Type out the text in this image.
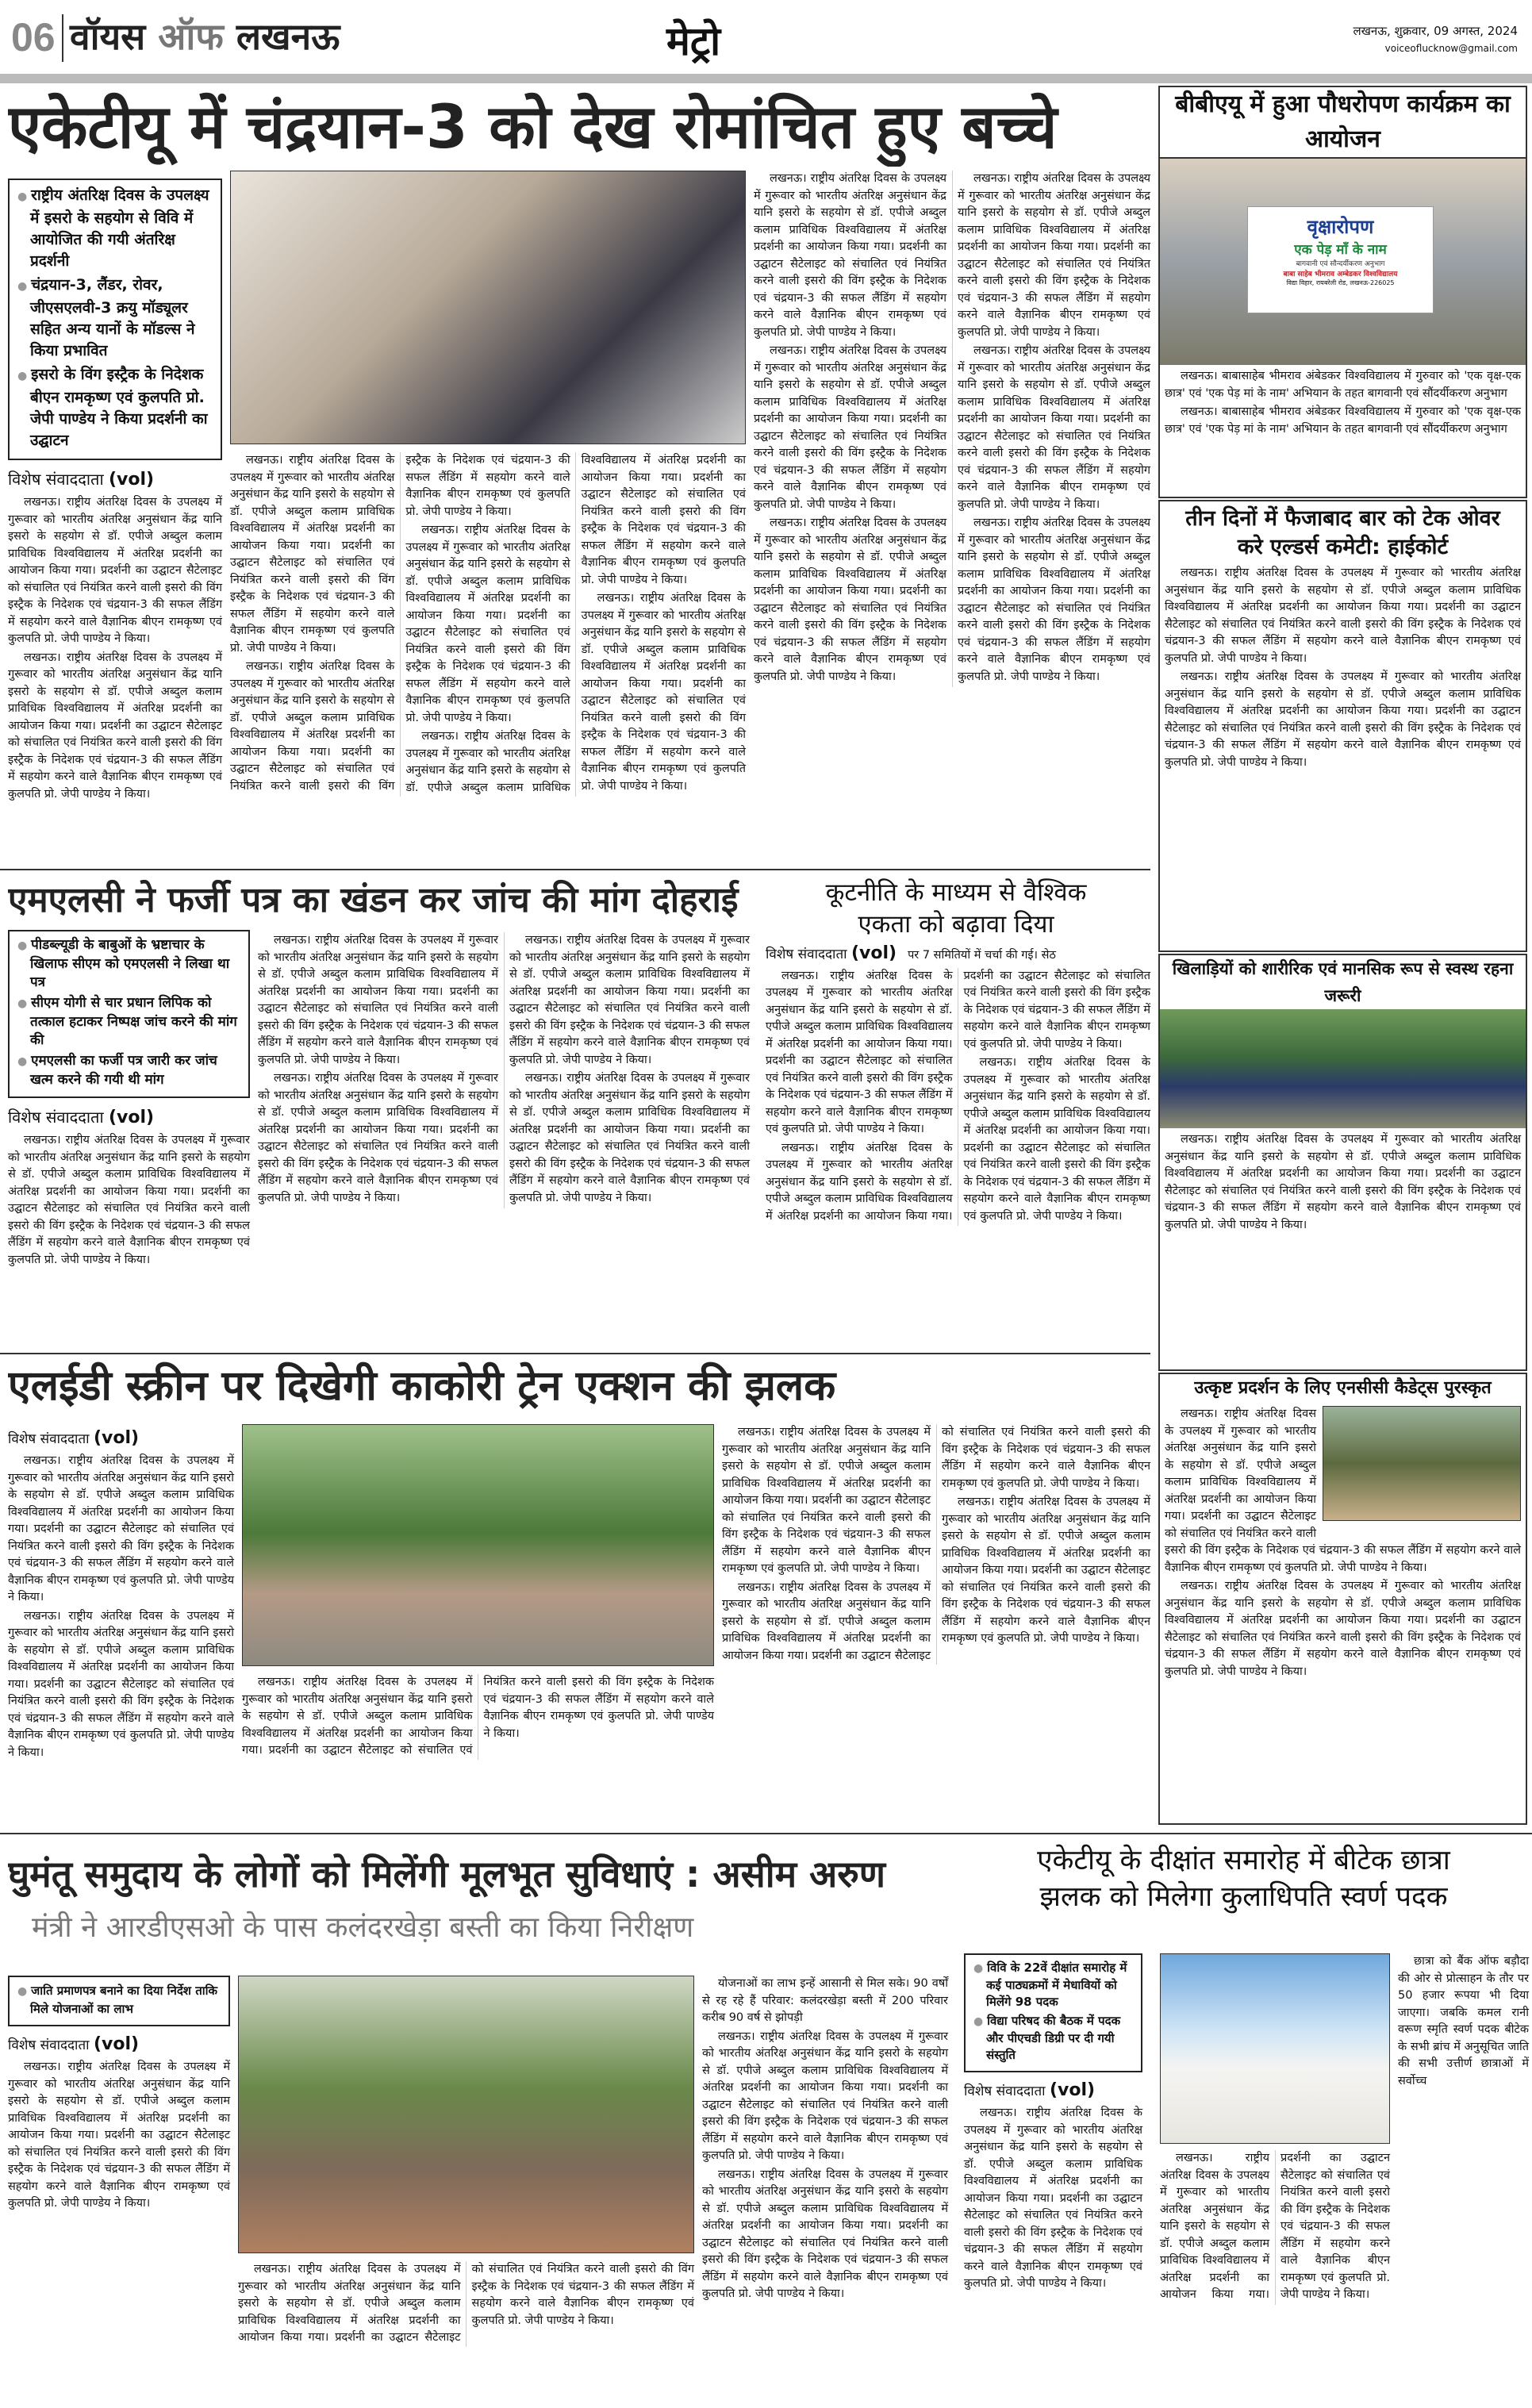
06 वॉयस ऑफ लखनऊ	मेट्रो	लखनऊ, शुक्रवार, 09 अगस्त, 2024
voiceoflucknow@gmail.com
एकेटीयू में चंद्रयान-3 को देख रोमांचित हुए बच्चे
● राष्ट्रीय अंतरिक्ष दिवस के उपलक्ष्य में इसरो के सहयोग से विवि में आयोजित की गयी अंतरिक्ष प्रदर्शनी
● चंद्रयान-3, लैंडर, रोवर, जीएसएलवी-3 क्रयु मॉड्यूलर सहित अन्य यानों के मॉडल्स ने किया प्रभावित
● इसरो के विंग इस्ट्रैक के निदेशक बीएन रामकृष्ण एवं कुलपति प्रो. जेपी पाण्डेय ने किया प्रदर्शनी का उद्घाटन
विशेष संवाददाता (vol)

लखनऊ। राष्ट्रीय अंतरिक्ष दिवस के उपलक्ष्य में गुरूवार को भारतीय अंतरिक्ष अनुसंधान केंद्र यानि इसरो के सहयोग से डॉ. एपीजे अब्दुल कलाम प्राविधिक विश्वविद्यालय में अंतरिक्ष प्रदर्शनी का आयोजन किया गया। प्रदर्शनी का उद्घाटन सैटेलाइट को संचालित एवं नियंत्रित करने वाली इसरो की विंग इस्ट्रैक के निदेशक एवं चंद्रयान-3 की सफल लैंडिंग में सहयोग करने वाले वैज्ञानिक बीएन रामकृष्ण एवं कुलपति प्रो. जेपी पाण्डेय ने किया।

लखनऊ। राष्ट्रीय अंतरिक्ष दिवस के उपलक्ष्य में गुरूवार को भारतीय अंतरिक्ष अनुसंधान केंद्र यानि इसरो के सहयोग से डॉ. एपीजे अब्दुल कलाम प्राविधिक विश्वविद्यालय में अंतरिक्ष प्रदर्शनी का आयोजन किया गया। प्रदर्शनी का उद्घाटन सैटेलाइट को संचालित एवं नियंत्रित करने वाली इसरो की विंग इस्ट्रैक के निदेशक एवं चंद्रयान-3 की सफल लैंडिंग में सहयोग करने वाले वैज्ञानिक बीएन रामकृष्ण एवं कुलपति प्रो. जेपी पाण्डेय ने किया।

लखनऊ। राष्ट्रीय अंतरिक्ष दिवस के उपलक्ष्य में गुरूवार को भारतीय अंतरिक्ष अनुसंधान केंद्र यानि इसरो के सहयोग से डॉ. एपीजे अब्दुल कलाम प्राविधिक विश्वविद्यालय में अंतरिक्ष प्रदर्शनी का आयोजन किया गया। प्रदर्शनी का उद्घाटन सैटेलाइट को संचालित एवं नियंत्रित करने वाली इसरो की विंग इस्ट्रैक के निदेशक एवं चंद्रयान-3 की सफल लैंडिंग में सहयोग करने वाले वैज्ञानिक बीएन रामकृष्ण एवं कुलपति प्रो. जेपी पाण्डेय ने किया।

लखनऊ। राष्ट्रीय अंतरिक्ष दिवस के उपलक्ष्य में गुरूवार को भारतीय अंतरिक्ष अनुसंधान केंद्र यानि इसरो के सहयोग से डॉ. एपीजे अब्दुल कलाम प्राविधिक विश्वविद्यालय में अंतरिक्ष प्रदर्शनी का आयोजन किया गया। प्रदर्शनी का उद्घाटन सैटेलाइट को संचालित एवं नियंत्रित करने वाली इसरो की विंग इस्ट्रैक के निदेशक एवं चंद्रयान-3 की सफल लैंडिंग में सहयोग करने वाले वैज्ञानिक बीएन रामकृष्ण एवं कुलपति प्रो. जेपी पाण्डेय ने किया।

लखनऊ। राष्ट्रीय अंतरिक्ष दिवस के उपलक्ष्य में गुरूवार को भारतीय अंतरिक्ष अनुसंधान केंद्र यानि इसरो के सहयोग से डॉ. एपीजे अब्दुल कलाम प्राविधिक विश्वविद्यालय में अंतरिक्ष प्रदर्शनी का आयोजन किया गया। प्रदर्शनी का उद्घाटन सैटेलाइट को संचालित एवं नियंत्रित करने वाली इसरो की विंग इस्ट्रैक के निदेशक एवं चंद्रयान-3 की सफल लैंडिंग में सहयोग करने वाले वैज्ञानिक बीएन रामकृष्ण एवं कुलपति प्रो. जेपी पाण्डेय ने किया।

लखनऊ। राष्ट्रीय अंतरिक्ष दिवस के उपलक्ष्य में गुरूवार को भारतीय अंतरिक्ष अनुसंधान केंद्र यानि इसरो के सहयोग से डॉ. एपीजे अब्दुल कलाम प्राविधिक विश्वविद्यालय में अंतरिक्ष प्रदर्शनी का आयोजन किया गया। प्रदर्शनी का उद्घाटन सैटेलाइट को संचालित एवं नियंत्रित करने वाली इसरो की विंग इस्ट्रैक के निदेशक एवं चंद्रयान-3 की सफल लैंडिंग में सहयोग करने वाले वैज्ञानिक बीएन रामकृष्ण एवं कुलपति प्रो. जेपी पाण्डेय ने किया।

लखनऊ। राष्ट्रीय अंतरिक्ष दिवस के उपलक्ष्य में गुरूवार को भारतीय अंतरिक्ष अनुसंधान केंद्र यानि इसरो के सहयोग से डॉ. एपीजे अब्दुल कलाम प्राविधिक विश्वविद्यालय में अंतरिक्ष प्रदर्शनी का आयोजन किया गया। प्रदर्शनी का उद्घाटन सैटेलाइट को संचालित एवं नियंत्रित करने वाली इसरो की विंग इस्ट्रैक के निदेशक एवं चंद्रयान-3 की सफल लैंडिंग में सहयोग करने वाले वैज्ञानिक बीएन रामकृष्ण एवं कुलपति प्रो. जेपी पाण्डेय ने किया।

लखनऊ। राष्ट्रीय अंतरिक्ष दिवस के उपलक्ष्य में गुरूवार को भारतीय अंतरिक्ष अनुसंधान केंद्र यानि इसरो के सहयोग से डॉ. एपीजे अब्दुल कलाम प्राविधिक विश्वविद्यालय में अंतरिक्ष प्रदर्शनी का आयोजन किया गया। प्रदर्शनी का उद्घाटन सैटेलाइट को संचालित एवं नियंत्रित करने वाली इसरो की विंग इस्ट्रैक के निदेशक एवं चंद्रयान-3 की सफल लैंडिंग में सहयोग करने वाले वैज्ञानिक बीएन रामकृष्ण एवं कुलपति प्रो. जेपी पाण्डेय ने किया।

लखनऊ। राष्ट्रीय अंतरिक्ष दिवस के उपलक्ष्य में गुरूवार को भारतीय अंतरिक्ष अनुसंधान केंद्र यानि इसरो के सहयोग से डॉ. एपीजे अब्दुल कलाम प्राविधिक विश्वविद्यालय में अंतरिक्ष प्रदर्शनी का आयोजन किया गया। प्रदर्शनी का उद्घाटन सैटेलाइट को संचालित एवं नियंत्रित करने वाली इसरो की विंग इस्ट्रैक के निदेशक एवं चंद्रयान-3 की सफल लैंडिंग में सहयोग करने वाले वैज्ञानिक बीएन रामकृष्ण एवं कुलपति प्रो. जेपी पाण्डेय ने किया।

लखनऊ। राष्ट्रीय अंतरिक्ष दिवस के उपलक्ष्य में गुरूवार को भारतीय अंतरिक्ष अनुसंधान केंद्र यानि इसरो के सहयोग से डॉ. एपीजे अब्दुल कलाम प्राविधिक विश्वविद्यालय में अंतरिक्ष प्रदर्शनी का आयोजन किया गया। प्रदर्शनी का उद्घाटन सैटेलाइट को संचालित एवं नियंत्रित करने वाली इसरो की विंग इस्ट्रैक के निदेशक एवं चंद्रयान-3 की सफल लैंडिंग में सहयोग करने वाले वैज्ञानिक बीएन रामकृष्ण एवं कुलपति प्रो. जेपी पाण्डेय ने किया।

लखनऊ। राष्ट्रीय अंतरिक्ष दिवस के उपलक्ष्य में गुरूवार को भारतीय अंतरिक्ष अनुसंधान केंद्र यानि इसरो के सहयोग से डॉ. एपीजे अब्दुल कलाम प्राविधिक विश्वविद्यालय में अंतरिक्ष प्रदर्शनी का आयोजन किया गया। प्रदर्शनी का उद्घाटन सैटेलाइट को संचालित एवं नियंत्रित करने वाली इसरो की विंग इस्ट्रैक के निदेशक एवं चंद्रयान-3 की सफल लैंडिंग में सहयोग करने वाले वैज्ञानिक बीएन रामकृष्ण एवं कुलपति प्रो. जेपी पाण्डेय ने किया।

लखनऊ। राष्ट्रीय अंतरिक्ष दिवस के उपलक्ष्य में गुरूवार को भारतीय अंतरिक्ष अनुसंधान केंद्र यानि इसरो के सहयोग से डॉ. एपीजे अब्दुल कलाम प्राविधिक विश्वविद्यालय में अंतरिक्ष प्रदर्शनी का आयोजन किया गया। प्रदर्शनी का उद्घाटन सैटेलाइट को संचालित एवं नियंत्रित करने वाली इसरो की विंग इस्ट्रैक के निदेशक एवं चंद्रयान-3 की सफल लैंडिंग में सहयोग करने वाले वैज्ञानिक बीएन रामकृष्ण एवं कुलपति प्रो. जेपी पाण्डेय ने किया।

लखनऊ। राष्ट्रीय अंतरिक्ष दिवस के उपलक्ष्य में गुरूवार को भारतीय अंतरिक्ष अनुसंधान केंद्र यानि इसरो के सहयोग से डॉ. एपीजे अब्दुल कलाम प्राविधिक विश्वविद्यालय में अंतरिक्ष प्रदर्शनी का आयोजन किया गया। प्रदर्शनी का उद्घाटन सैटेलाइट को संचालित एवं नियंत्रित करने वाली इसरो की विंग इस्ट्रैक के निदेशक एवं चंद्रयान-3 की सफल लैंडिंग में सहयोग करने वाले वैज्ञानिक बीएन रामकृष्ण एवं कुलपति प्रो. जेपी पाण्डेय ने किया।

बीबीएयू में हुआ पौधरोपण कार्यक्रम का आयोजन
वृक्षारोपण
एक पेड़ माँ के नाम
बागवानी एवं सौन्दर्यीकरण अनुभाग
बाबा साहेब भीमराव अम्बेडकर विश्वविद्यालय
विद्या विहार, रायबरेली रोड, लखनऊ-226025

लखनऊ। बाबासाहेब भीमराव अंबेडकर विश्वविद्यालय में गुरुवार को 'एक वृक्ष-एक छात्र' एवं 'एक पेड़ मां के नाम' अभियान के तहत बागवानी एवं सौंदर्यीकरण अनुभाग

लखनऊ। बाबासाहेब भीमराव अंबेडकर विश्वविद्यालय में गुरुवार को 'एक वृक्ष-एक छात्र' एवं 'एक पेड़ मां के नाम' अभियान के तहत बागवानी एवं सौंदर्यीकरण अनुभाग

तीन दिनों में फैजाबाद बार को टेक ओवर
करे एल्डर्स कमेटी: हाईकोर्ट

लखनऊ। राष्ट्रीय अंतरिक्ष दिवस के उपलक्ष्य में गुरूवार को भारतीय अंतरिक्ष अनुसंधान केंद्र यानि इसरो के सहयोग से डॉ. एपीजे अब्दुल कलाम प्राविधिक विश्वविद्यालय में अंतरिक्ष प्रदर्शनी का आयोजन किया गया। प्रदर्शनी का उद्घाटन सैटेलाइट को संचालित एवं नियंत्रित करने वाली इसरो की विंग इस्ट्रैक के निदेशक एवं चंद्रयान-3 की सफल लैंडिंग में सहयोग करने वाले वैज्ञानिक बीएन रामकृष्ण एवं कुलपति प्रो. जेपी पाण्डेय ने किया।

लखनऊ। राष्ट्रीय अंतरिक्ष दिवस के उपलक्ष्य में गुरूवार को भारतीय अंतरिक्ष अनुसंधान केंद्र यानि इसरो के सहयोग से डॉ. एपीजे अब्दुल कलाम प्राविधिक विश्वविद्यालय में अंतरिक्ष प्रदर्शनी का आयोजन किया गया। प्रदर्शनी का उद्घाटन सैटेलाइट को संचालित एवं नियंत्रित करने वाली इसरो की विंग इस्ट्रैक के निदेशक एवं चंद्रयान-3 की सफल लैंडिंग में सहयोग करने वाले वैज्ञानिक बीएन रामकृष्ण एवं कुलपति प्रो. जेपी पाण्डेय ने किया।

खिलाड़ियों को शारीरिक एवं मानसिक रूप से स्वस्थ रहना जरूरी

लखनऊ। राष्ट्रीय अंतरिक्ष दिवस के उपलक्ष्य में गुरूवार को भारतीय अंतरिक्ष अनुसंधान केंद्र यानि इसरो के सहयोग से डॉ. एपीजे अब्दुल कलाम प्राविधिक विश्वविद्यालय में अंतरिक्ष प्रदर्शनी का आयोजन किया गया। प्रदर्शनी का उद्घाटन सैटेलाइट को संचालित एवं नियंत्रित करने वाली इसरो की विंग इस्ट्रैक के निदेशक एवं चंद्रयान-3 की सफल लैंडिंग में सहयोग करने वाले वैज्ञानिक बीएन रामकृष्ण एवं कुलपति प्रो. जेपी पाण्डेय ने किया।

उत्कृष्ट प्रदर्शन के लिए एनसीसी कैडेट्स पुरस्कृत

लखनऊ। राष्ट्रीय अंतरिक्ष दिवस के उपलक्ष्य में गुरूवार को भारतीय अंतरिक्ष अनुसंधान केंद्र यानि इसरो के सहयोग से डॉ. एपीजे अब्दुल कलाम प्राविधिक विश्वविद्यालय में अंतरिक्ष प्रदर्शनी का आयोजन किया गया। प्रदर्शनी का उद्घाटन सैटेलाइट को संचालित एवं नियंत्रित करने वाली इसरो की विंग इस्ट्रैक के निदेशक एवं चंद्रयान-3 की सफल लैंडिंग में सहयोग करने वाले वैज्ञानिक बीएन रामकृष्ण एवं कुलपति प्रो. जेपी पाण्डेय ने किया।

लखनऊ। राष्ट्रीय अंतरिक्ष दिवस के उपलक्ष्य में गुरूवार को भारतीय अंतरिक्ष अनुसंधान केंद्र यानि इसरो के सहयोग से डॉ. एपीजे अब्दुल कलाम प्राविधिक विश्वविद्यालय में अंतरिक्ष प्रदर्शनी का आयोजन किया गया। प्रदर्शनी का उद्घाटन सैटेलाइट को संचालित एवं नियंत्रित करने वाली इसरो की विंग इस्ट्रैक के निदेशक एवं चंद्रयान-3 की सफल लैंडिंग में सहयोग करने वाले वैज्ञानिक बीएन रामकृष्ण एवं कुलपति प्रो. जेपी पाण्डेय ने किया।

एमएलसी ने फर्जी पत्र का खंडन कर जांच की मांग दोहराई
● पीडब्ल्यूडी के बाबुओं के भ्रष्टाचार के खिलाफ सीएम को एमएलसी ने लिखा था पत्र
● सीएम योगी से चार प्रधान लिपिक को तत्काल हटाकर निष्पक्ष जांच करने की मांग की
● एमएलसी का फर्जी पत्र जारी कर जांच खत्म करने की गयी थी मांग
विशेष संवाददाता (vol)

लखनऊ। राष्ट्रीय अंतरिक्ष दिवस के उपलक्ष्य में गुरूवार को भारतीय अंतरिक्ष अनुसंधान केंद्र यानि इसरो के सहयोग से डॉ. एपीजे अब्दुल कलाम प्राविधिक विश्वविद्यालय में अंतरिक्ष प्रदर्शनी का आयोजन किया गया। प्रदर्शनी का उद्घाटन सैटेलाइट को संचालित एवं नियंत्रित करने वाली इसरो की विंग इस्ट्रैक के निदेशक एवं चंद्रयान-3 की सफल लैंडिंग में सहयोग करने वाले वैज्ञानिक बीएन रामकृष्ण एवं कुलपति प्रो. जेपी पाण्डेय ने किया।

लखनऊ। राष्ट्रीय अंतरिक्ष दिवस के उपलक्ष्य में गुरूवार को भारतीय अंतरिक्ष अनुसंधान केंद्र यानि इसरो के सहयोग से डॉ. एपीजे अब्दुल कलाम प्राविधिक विश्वविद्यालय में अंतरिक्ष प्रदर्शनी का आयोजन किया गया। प्रदर्शनी का उद्घाटन सैटेलाइट को संचालित एवं नियंत्रित करने वाली इसरो की विंग इस्ट्रैक के निदेशक एवं चंद्रयान-3 की सफल लैंडिंग में सहयोग करने वाले वैज्ञानिक बीएन रामकृष्ण एवं कुलपति प्रो. जेपी पाण्डेय ने किया।

लखनऊ। राष्ट्रीय अंतरिक्ष दिवस के उपलक्ष्य में गुरूवार को भारतीय अंतरिक्ष अनुसंधान केंद्र यानि इसरो के सहयोग से डॉ. एपीजे अब्दुल कलाम प्राविधिक विश्वविद्यालय में अंतरिक्ष प्रदर्शनी का आयोजन किया गया। प्रदर्शनी का उद्घाटन सैटेलाइट को संचालित एवं नियंत्रित करने वाली इसरो की विंग इस्ट्रैक के निदेशक एवं चंद्रयान-3 की सफल लैंडिंग में सहयोग करने वाले वैज्ञानिक बीएन रामकृष्ण एवं कुलपति प्रो. जेपी पाण्डेय ने किया।

लखनऊ। राष्ट्रीय अंतरिक्ष दिवस के उपलक्ष्य में गुरूवार को भारतीय अंतरिक्ष अनुसंधान केंद्र यानि इसरो के सहयोग से डॉ. एपीजे अब्दुल कलाम प्राविधिक विश्वविद्यालय में अंतरिक्ष प्रदर्शनी का आयोजन किया गया। प्रदर्शनी का उद्घाटन सैटेलाइट को संचालित एवं नियंत्रित करने वाली इसरो की विंग इस्ट्रैक के निदेशक एवं चंद्रयान-3 की सफल लैंडिंग में सहयोग करने वाले वैज्ञानिक बीएन रामकृष्ण एवं कुलपति प्रो. जेपी पाण्डेय ने किया।

लखनऊ। राष्ट्रीय अंतरिक्ष दिवस के उपलक्ष्य में गुरूवार को भारतीय अंतरिक्ष अनुसंधान केंद्र यानि इसरो के सहयोग से डॉ. एपीजे अब्दुल कलाम प्राविधिक विश्वविद्यालय में अंतरिक्ष प्रदर्शनी का आयोजन किया गया। प्रदर्शनी का उद्घाटन सैटेलाइट को संचालित एवं नियंत्रित करने वाली इसरो की विंग इस्ट्रैक के निदेशक एवं चंद्रयान-3 की सफल लैंडिंग में सहयोग करने वाले वैज्ञानिक बीएन रामकृष्ण एवं कुलपति प्रो. जेपी पाण्डेय ने किया।

कूटनीति के माध्यम से वैश्विक
एकता को बढ़ावा दिया
विशेष संवाददाता (vol) पर 7 समितियों में चर्चा की गई। सेठ

लखनऊ। राष्ट्रीय अंतरिक्ष दिवस के उपलक्ष्य में गुरूवार को भारतीय अंतरिक्ष अनुसंधान केंद्र यानि इसरो के सहयोग से डॉ. एपीजे अब्दुल कलाम प्राविधिक विश्वविद्यालय में अंतरिक्ष प्रदर्शनी का आयोजन किया गया। प्रदर्शनी का उद्घाटन सैटेलाइट को संचालित एवं नियंत्रित करने वाली इसरो की विंग इस्ट्रैक के निदेशक एवं चंद्रयान-3 की सफल लैंडिंग में सहयोग करने वाले वैज्ञानिक बीएन रामकृष्ण एवं कुलपति प्रो. जेपी पाण्डेय ने किया।

लखनऊ। राष्ट्रीय अंतरिक्ष दिवस के उपलक्ष्य में गुरूवार को भारतीय अंतरिक्ष अनुसंधान केंद्र यानि इसरो के सहयोग से डॉ. एपीजे अब्दुल कलाम प्राविधिक विश्वविद्यालय में अंतरिक्ष प्रदर्शनी का आयोजन किया गया। प्रदर्शनी का उद्घाटन सैटेलाइट को संचालित एवं नियंत्रित करने वाली इसरो की विंग इस्ट्रैक के निदेशक एवं चंद्रयान-3 की सफल लैंडिंग में सहयोग करने वाले वैज्ञानिक बीएन रामकृष्ण एवं कुलपति प्रो. जेपी पाण्डेय ने किया।

लखनऊ। राष्ट्रीय अंतरिक्ष दिवस के उपलक्ष्य में गुरूवार को भारतीय अंतरिक्ष अनुसंधान केंद्र यानि इसरो के सहयोग से डॉ. एपीजे अब्दुल कलाम प्राविधिक विश्वविद्यालय में अंतरिक्ष प्रदर्शनी का आयोजन किया गया। प्रदर्शनी का उद्घाटन सैटेलाइट को संचालित एवं नियंत्रित करने वाली इसरो की विंग इस्ट्रैक के निदेशक एवं चंद्रयान-3 की सफल लैंडिंग में सहयोग करने वाले वैज्ञानिक बीएन रामकृष्ण एवं कुलपति प्रो. जेपी पाण्डेय ने किया।

एलईडी स्क्रीन पर दिखेगी काकोरी ट्रेन एक्शन की झलक
विशेष संवाददाता (vol)

लखनऊ। राष्ट्रीय अंतरिक्ष दिवस के उपलक्ष्य में गुरूवार को भारतीय अंतरिक्ष अनुसंधान केंद्र यानि इसरो के सहयोग से डॉ. एपीजे अब्दुल कलाम प्राविधिक विश्वविद्यालय में अंतरिक्ष प्रदर्शनी का आयोजन किया गया। प्रदर्शनी का उद्घाटन सैटेलाइट को संचालित एवं नियंत्रित करने वाली इसरो की विंग इस्ट्रैक के निदेशक एवं चंद्रयान-3 की सफल लैंडिंग में सहयोग करने वाले वैज्ञानिक बीएन रामकृष्ण एवं कुलपति प्रो. जेपी पाण्डेय ने किया।

लखनऊ। राष्ट्रीय अंतरिक्ष दिवस के उपलक्ष्य में गुरूवार को भारतीय अंतरिक्ष अनुसंधान केंद्र यानि इसरो के सहयोग से डॉ. एपीजे अब्दुल कलाम प्राविधिक विश्वविद्यालय में अंतरिक्ष प्रदर्शनी का आयोजन किया गया। प्रदर्शनी का उद्घाटन सैटेलाइट को संचालित एवं नियंत्रित करने वाली इसरो की विंग इस्ट्रैक के निदेशक एवं चंद्रयान-3 की सफल लैंडिंग में सहयोग करने वाले वैज्ञानिक बीएन रामकृष्ण एवं कुलपति प्रो. जेपी पाण्डेय ने किया।

लखनऊ। राष्ट्रीय अंतरिक्ष दिवस के उपलक्ष्य में गुरूवार को भारतीय अंतरिक्ष अनुसंधान केंद्र यानि इसरो के सहयोग से डॉ. एपीजे अब्दुल कलाम प्राविधिक विश्वविद्यालय में अंतरिक्ष प्रदर्शनी का आयोजन किया गया। प्रदर्शनी का उद्घाटन सैटेलाइट को संचालित एवं नियंत्रित करने वाली इसरो की विंग इस्ट्रैक के निदेशक एवं चंद्रयान-3 की सफल लैंडिंग में सहयोग करने वाले वैज्ञानिक बीएन रामकृष्ण एवं कुलपति प्रो. जेपी पाण्डेय ने किया।

लखनऊ। राष्ट्रीय अंतरिक्ष दिवस के उपलक्ष्य में गुरूवार को भारतीय अंतरिक्ष अनुसंधान केंद्र यानि इसरो के सहयोग से डॉ. एपीजे अब्दुल कलाम प्राविधिक विश्वविद्यालय में अंतरिक्ष प्रदर्शनी का आयोजन किया गया। प्रदर्शनी का उद्घाटन सैटेलाइट को संचालित एवं नियंत्रित करने वाली इसरो की विंग इस्ट्रैक के निदेशक एवं चंद्रयान-3 की सफल लैंडिंग में सहयोग करने वाले वैज्ञानिक बीएन रामकृष्ण एवं कुलपति प्रो. जेपी पाण्डेय ने किया।

लखनऊ। राष्ट्रीय अंतरिक्ष दिवस के उपलक्ष्य में गुरूवार को भारतीय अंतरिक्ष अनुसंधान केंद्र यानि इसरो के सहयोग से डॉ. एपीजे अब्दुल कलाम प्राविधिक विश्वविद्यालय में अंतरिक्ष प्रदर्शनी का आयोजन किया गया। प्रदर्शनी का उद्घाटन सैटेलाइट को संचालित एवं नियंत्रित करने वाली इसरो की विंग इस्ट्रैक के निदेशक एवं चंद्रयान-3 की सफल लैंडिंग में सहयोग करने वाले वैज्ञानिक बीएन रामकृष्ण एवं कुलपति प्रो. जेपी पाण्डेय ने किया।

लखनऊ। राष्ट्रीय अंतरिक्ष दिवस के उपलक्ष्य में गुरूवार को भारतीय अंतरिक्ष अनुसंधान केंद्र यानि इसरो के सहयोग से डॉ. एपीजे अब्दुल कलाम प्राविधिक विश्वविद्यालय में अंतरिक्ष प्रदर्शनी का आयोजन किया गया। प्रदर्शनी का उद्घाटन सैटेलाइट को संचालित एवं नियंत्रित करने वाली इसरो की विंग इस्ट्रैक के निदेशक एवं चंद्रयान-3 की सफल लैंडिंग में सहयोग करने वाले वैज्ञानिक बीएन रामकृष्ण एवं कुलपति प्रो. जेपी पाण्डेय ने किया।

घुमंतू समुदाय के लोगों को मिलेंगी मूलभूत सुविधाएं : असीम अरुण
मंत्री ने आरडीएसओ के पास कलंदरखेड़ा बस्ती का किया निरीक्षण
● जाति प्रमाणपत्र बनाने का दिया निर्देश ताकि मिले योजनाओं का लाभ
विशेष संवाददाता (vol)

लखनऊ। राष्ट्रीय अंतरिक्ष दिवस के उपलक्ष्य में गुरूवार को भारतीय अंतरिक्ष अनुसंधान केंद्र यानि इसरो के सहयोग से डॉ. एपीजे अब्दुल कलाम प्राविधिक विश्वविद्यालय में अंतरिक्ष प्रदर्शनी का आयोजन किया गया। प्रदर्शनी का उद्घाटन सैटेलाइट को संचालित एवं नियंत्रित करने वाली इसरो की विंग इस्ट्रैक के निदेशक एवं चंद्रयान-3 की सफल लैंडिंग में सहयोग करने वाले वैज्ञानिक बीएन रामकृष्ण एवं कुलपति प्रो. जेपी पाण्डेय ने किया।

लखनऊ। राष्ट्रीय अंतरिक्ष दिवस के उपलक्ष्य में गुरूवार को भारतीय अंतरिक्ष अनुसंधान केंद्र यानि इसरो के सहयोग से डॉ. एपीजे अब्दुल कलाम प्राविधिक विश्वविद्यालय में अंतरिक्ष प्रदर्शनी का आयोजन किया गया। प्रदर्शनी का उद्घाटन सैटेलाइट को संचालित एवं नियंत्रित करने वाली इसरो की विंग इस्ट्रैक के निदेशक एवं चंद्रयान-3 की सफल लैंडिंग में सहयोग करने वाले वैज्ञानिक बीएन रामकृष्ण एवं कुलपति प्रो. जेपी पाण्डेय ने किया।

योजनाओं का लाभ इन्हें आसानी से मिल सके। 90 वर्षों से रह रहे हैं परिवार: कलंदरखेड़ा बस्ती में 200 परिवार करीब 90 वर्ष से झोपड़ी

लखनऊ। राष्ट्रीय अंतरिक्ष दिवस के उपलक्ष्य में गुरूवार को भारतीय अंतरिक्ष अनुसंधान केंद्र यानि इसरो के सहयोग से डॉ. एपीजे अब्दुल कलाम प्राविधिक विश्वविद्यालय में अंतरिक्ष प्रदर्शनी का आयोजन किया गया। प्रदर्शनी का उद्घाटन सैटेलाइट को संचालित एवं नियंत्रित करने वाली इसरो की विंग इस्ट्रैक के निदेशक एवं चंद्रयान-3 की सफल लैंडिंग में सहयोग करने वाले वैज्ञानिक बीएन रामकृष्ण एवं कुलपति प्रो. जेपी पाण्डेय ने किया।

लखनऊ। राष्ट्रीय अंतरिक्ष दिवस के उपलक्ष्य में गुरूवार को भारतीय अंतरिक्ष अनुसंधान केंद्र यानि इसरो के सहयोग से डॉ. एपीजे अब्दुल कलाम प्राविधिक विश्वविद्यालय में अंतरिक्ष प्रदर्शनी का आयोजन किया गया। प्रदर्शनी का उद्घाटन सैटेलाइट को संचालित एवं नियंत्रित करने वाली इसरो की विंग इस्ट्रैक के निदेशक एवं चंद्रयान-3 की सफल लैंडिंग में सहयोग करने वाले वैज्ञानिक बीएन रामकृष्ण एवं कुलपति प्रो. जेपी पाण्डेय ने किया।

एकेटीयू के दीक्षांत समारोह में बीटेक छात्रा
झलक को मिलेगा कुलाधिपति स्वर्ण पदक
● विवि के 22वें दीक्षांत समारोह में कई पाठ्यक्रमों में मेधावियों को मिलेंगे 98 पदक
● विद्या परिषद की बैठक में पदक और पीएचडी डिग्री पर दी गयी संस्तुति
विशेष संवाददाता (vol)

लखनऊ। राष्ट्रीय अंतरिक्ष दिवस के उपलक्ष्य में गुरूवार को भारतीय अंतरिक्ष अनुसंधान केंद्र यानि इसरो के सहयोग से डॉ. एपीजे अब्दुल कलाम प्राविधिक विश्वविद्यालय में अंतरिक्ष प्रदर्शनी का आयोजन किया गया। प्रदर्शनी का उद्घाटन सैटेलाइट को संचालित एवं नियंत्रित करने वाली इसरो की विंग इस्ट्रैक के निदेशक एवं चंद्रयान-3 की सफल लैंडिंग में सहयोग करने वाले वैज्ञानिक बीएन रामकृष्ण एवं कुलपति प्रो. जेपी पाण्डेय ने किया।

लखनऊ। राष्ट्रीय अंतरिक्ष दिवस के उपलक्ष्य में गुरूवार को भारतीय अंतरिक्ष अनुसंधान केंद्र यानि इसरो के सहयोग से डॉ. एपीजे अब्दुल कलाम प्राविधिक विश्वविद्यालय में अंतरिक्ष प्रदर्शनी का आयोजन किया गया। प्रदर्शनी का उद्घाटन सैटेलाइट को संचालित एवं नियंत्रित करने वाली इसरो की विंग इस्ट्रैक के निदेशक एवं चंद्रयान-3 की सफल लैंडिंग में सहयोग करने वाले वैज्ञानिक बीएन रामकृष्ण एवं कुलपति प्रो. जेपी पाण्डेय ने किया।

छात्रा को बैंक ऑफ बड़ौदा की ओर से प्रोत्साहन के तौर पर 50 हजार रूपया भी दिया जाएगा। जबकि कमल रानी वरूण स्मृति स्वर्ण पदक बीटेक के सभी ब्रांच में अनुसूचित जाति की सभी उत्तीर्ण छात्राओं में सर्वोच्च
